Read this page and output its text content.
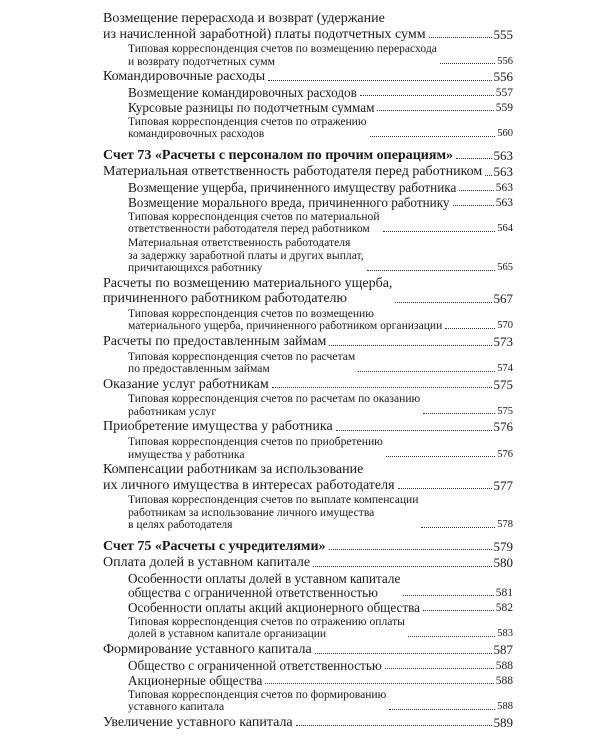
Возмещение перерасхода и возврат (удержание
из начисленной заработной) платы подотчетных сумм	555
Типовая корреспонденция счетов по возмещению перерасхода
и возврату подотчетных сумм	556
Командировочные расходы	556
Возмещение командировочных расходов	557
Курсовые разницы по подотчетным суммам	559
Типовая корреспонденция счетов по отражению
командировочных расходов	560
Счет 73 «Расчеты с персоналом по прочим операциям»	563
Материальная ответственность работодателя перед работником 563
Возмещение ущерба, причиненного имуществу работника	563
Возмещение морального вреда, причиненного работнику	563
Типовая корреспонденция счетов по материальной
ответственности работодателя перед работником	564
Материальная ответственность работодателя
за задержку заработной платы и других выплат,
причитающихся работнику	565
Расчеты по возмещению материального ущерба,
причиненного работником работодателю	567
Типовая корреспонденция счетов по возмещению
материального ущерба, причиненного работником организации	570
Расчеты по предоставленным займам	573
Типовая корреспонденция счетов по расчетам
по предоставленным займам	574
Оказание услуг работникам	575
Типовая корреспонденция счетов по расчетам по оказанию
работникам услуг	575
Приобретение имущества у работника	576
Типовая корреспонденция счетов по приобретению
имущества у работника	576
Компенсации работникам за использование
их личного имущества в интересах работодателя	577
Типовая корреспонденция счетов по выплате компенсации
работникам за использование личного имущества
в целях работодателя	578
Счет 75 «Расчеты с учредителями»	579
Оплата долей в уставном капитале	580
Особенности оплаты долей в уставном капитале
общества с ограниченной ответственностью	581
Особенности оплаты акций акционерного общества	582
Типовая корреспонденция счетов по отражению оплаты
долей в уставном капитале организации	583
Формирование уставного капитала	587
Общество с ограниченной ответственностью	588
Акционерные общества	588
Типовая корреспонденция счетов по формированию
уставного капитала	588
Увеличение уставного капитала	589
